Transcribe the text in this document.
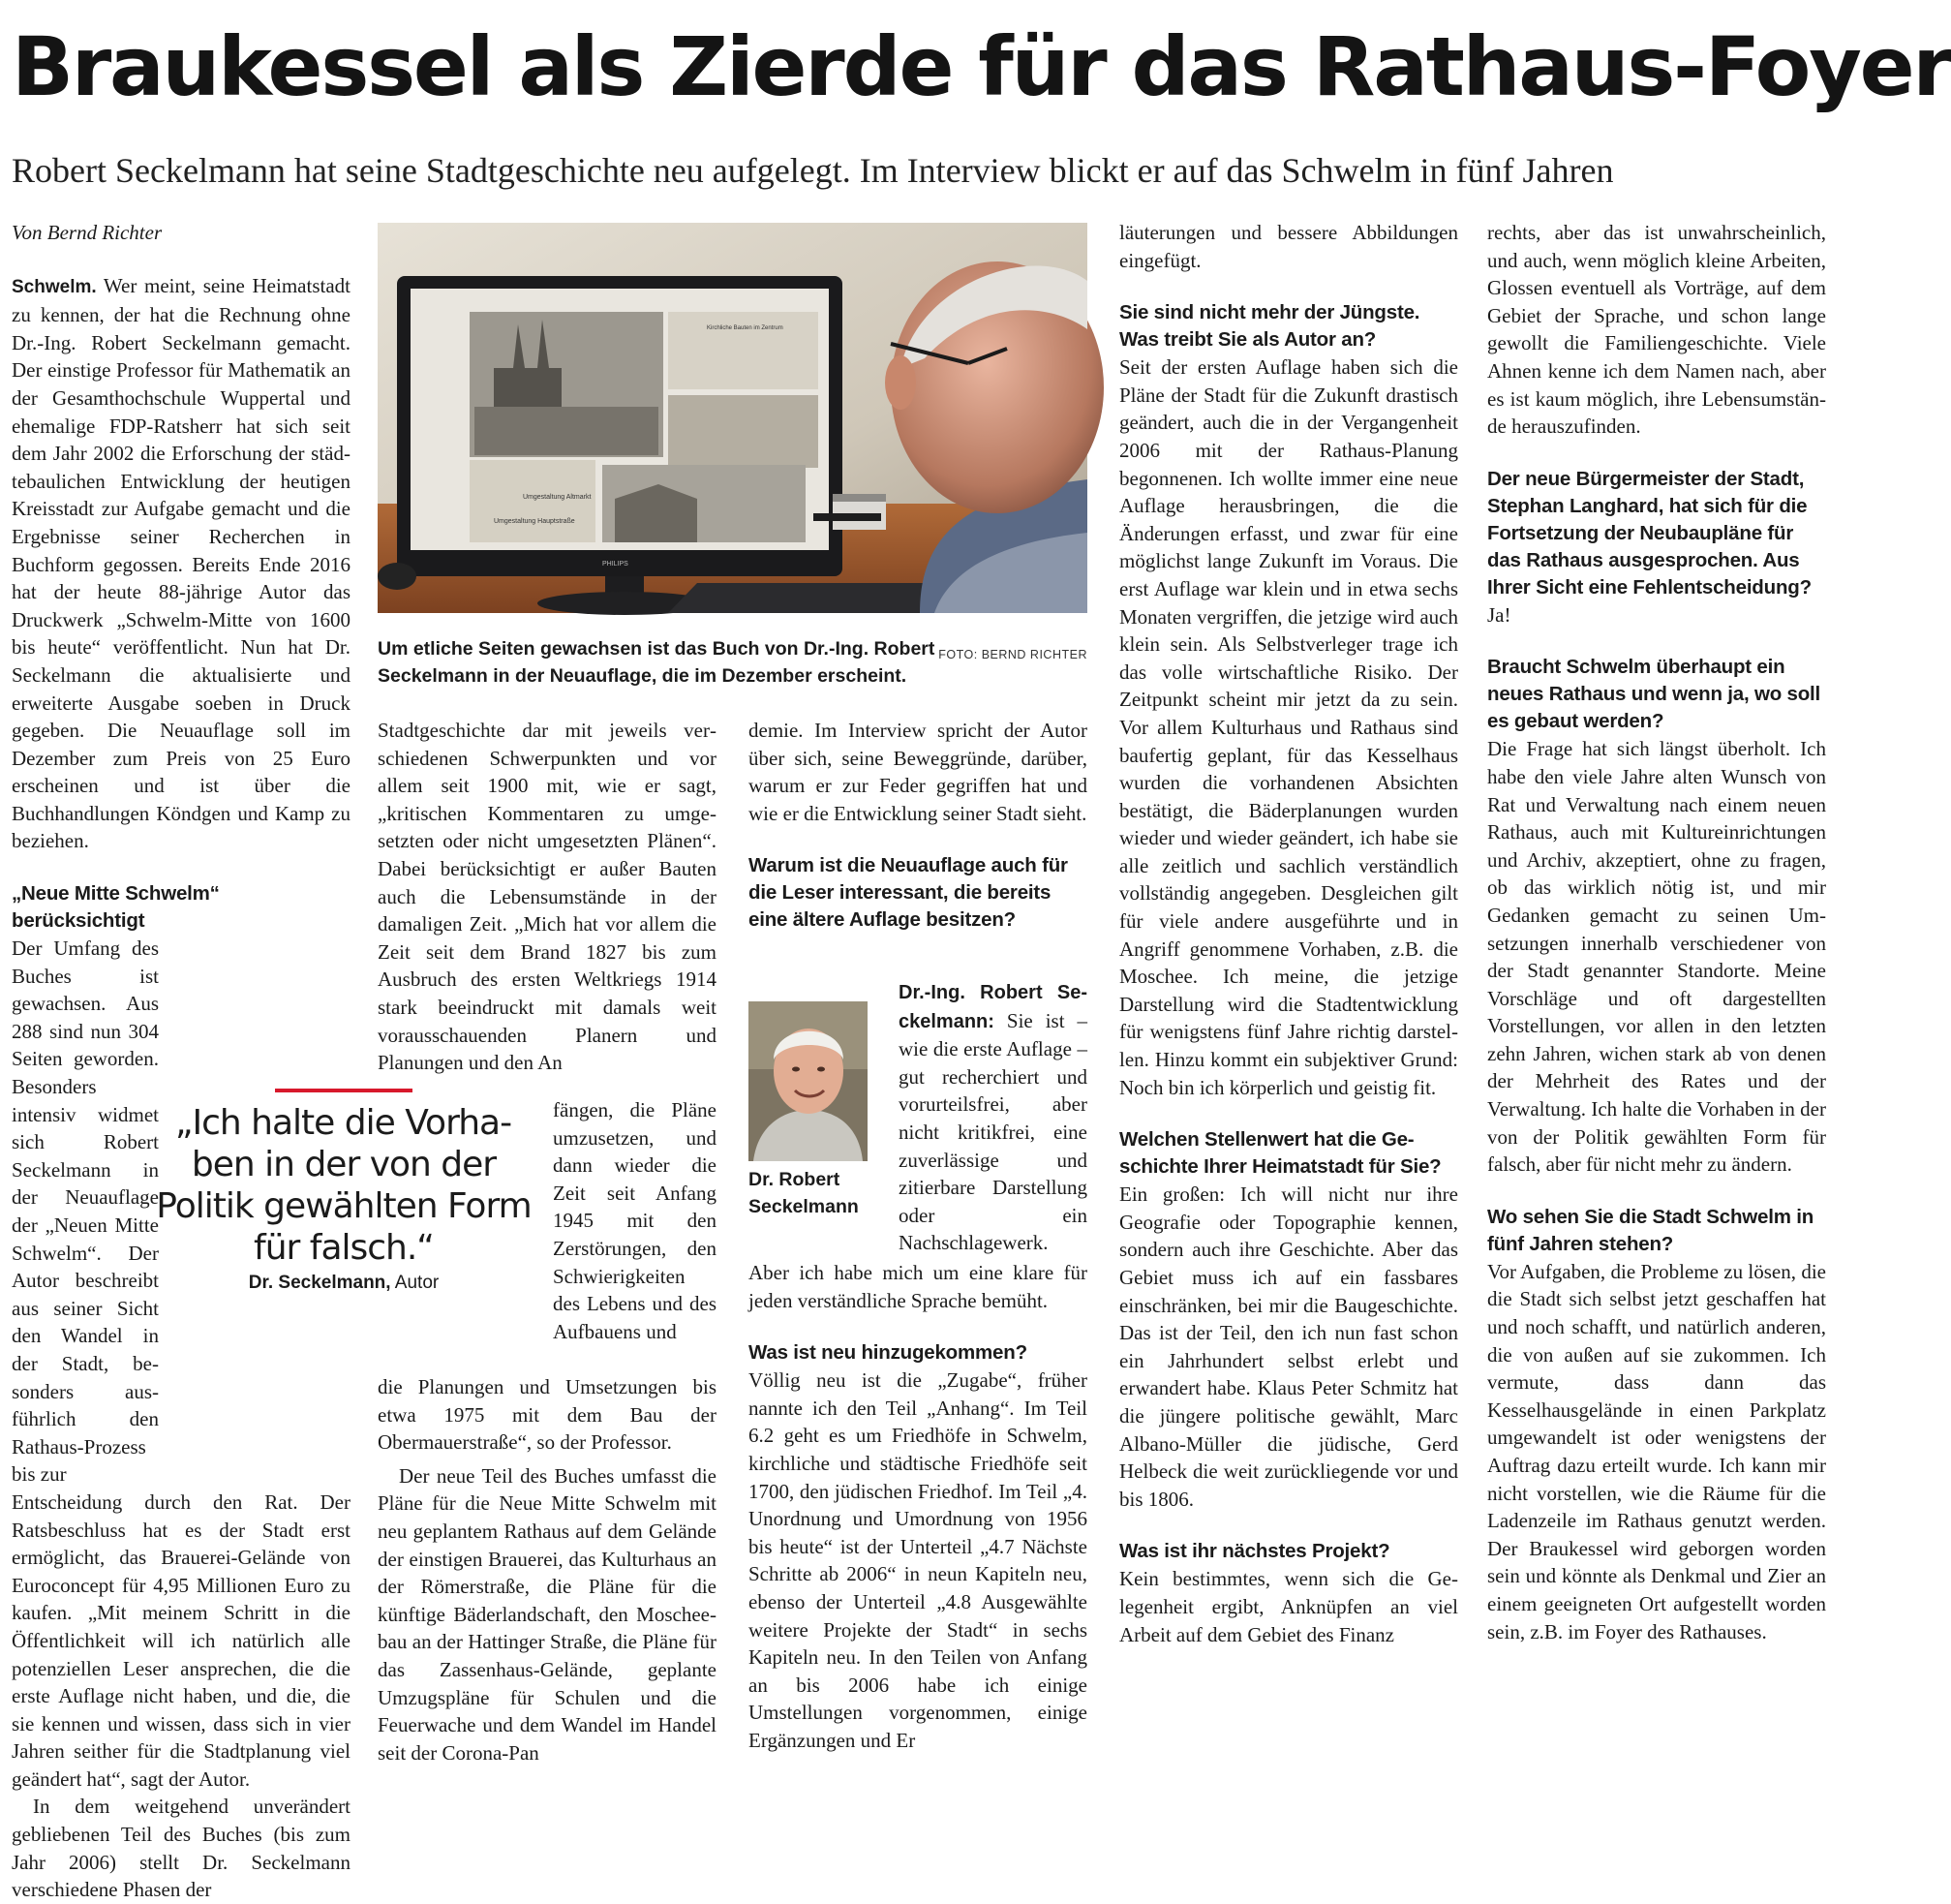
Braukessel als Zierde für das Rathaus-Foyer
Robert Seckelmann hat seine Stadtgeschichte neu aufgelegt. Im Interview blickt er auf das Schwelm in fünf Jahren

Von Bernd Richter

Schwelm. Wer meint, seine Heimatstadt zu kennen, der hat die Rechnung ohne Dr.-Ing. Robert Seckelmann gemacht. Der einstige Professor für Mathematik an der Gesamthochschule Wuppertal und ehemalige FDP-Ratsherr hat sich seit dem Jahr 2002 die Erforschung der städtebaulichen Entwicklung der heutigen Kreisstadt zur Aufgabe gemacht und die Ergebnisse seiner Recherchen in Buchform gegossen. Bereits Ende 2016 hat der heute 88-jährige Autor das Druckwerk „Schwelm-Mitte von 1600 bis heute“ veröffentlicht. Nun hat Dr. Seckelmann die aktualisierte und erweiterte Ausgabe soeben in Druck gegeben. Die Neuauflage soll im Dezember zum Preis von 25 Euro erscheinen und ist über die Buchhandlungen Köndgen und Kamp zu beziehen.

„Neue Mitte Schwelm“ berücksichtigt

Der Umfang des Buches ist gewachsen. Aus 288 sind nun 304 Seiten geworden. Besonders intensiv widmet sich Robert Seckelmann in der Neuauflage der „Neuen Mitte Schwelm“. Der Autor beschreibt aus seiner Sicht den Wandel in der Stadt, besonders ausführlich den Rathaus-Prozess bis zur

Entscheidung durch den Rat. Der Ratsbeschluss hat es der Stadt erst ermöglicht, das Brauerei-Gelände von Euroconcept für 4,95 Millionen Euro zu kaufen. „Mit meinem Schritt in die Öffentlichkeit will ich natürlich alle potenziellen Leser ansprechen, die die erste Auflage nicht haben, und die, die sie kennen und wissen, dass sich in vier Jahren seither für die Stadtplanung viel geändert hat“, sagt der Autor.

In dem weitgehend unverändert gebliebenen Teil des Buches (bis zum Jahr 2006) stellt Dr. Seckelmann verschiedene Phasen der

Umgestaltung Altmarkt
Umgestaltung Hauptstraße
Kirchliche Bauten im Zentrum
PHILIPS
FOTO: BERND RICHTER
Um etliche Seiten gewachsen ist das Buch von Dr.-Ing. Robert Seckelmann in der Neuauflage, die im Dezember erscheint.
„Ich halte die Vorhaben in der von der Politik gewählten Form für falsch.“
Dr. Seckelmann, Autor

Stadtgeschichte dar mit jeweils verschiedenen Schwerpunkten und vor allem seit 1900 mit, wie er sagt, „kritischen Kommentaren zu umgesetzten oder nicht umgesetzten Plänen“. Dabei berücksichtigt er außer Bauten auch die Lebensumstände in der damaligen Zeit. „Mich hat vor allem die Zeit seit dem Brand 1827 bis zum Ausbruch des ersten Weltkriegs 1914 stark beeindruckt mit damals weit vorausschauenden Planern und Planungen und den An

fängen, die Pläne umzusetzen, und dann wieder die Zeit seit Anfang 1945 mit den Zerstörungen, den Schwierigkeiten des Lebens und des Aufbauens und

die Planungen und Umsetzungen bis etwa 1975 mit dem Bau der Obermauerstraße“, so der Professor.

Der neue Teil des Buches umfasst die Pläne für die Neue Mitte Schwelm mit neu geplantem Rathaus auf dem Gelände der einstigen Brauerei, das Kulturhaus an der Römerstraße, die Pläne für die künftige Bäderlandschaft, den Moscheebau an der Hattinger Straße, die Pläne für das Zassenhaus-Gelände, geplante Umzugspläne für Schulen und die Feuerwache und dem Wandel im Handel seit der Corona-Pan

demie. Im Interview spricht der Autor über sich, seine Beweggründe, darüber, warum er zur Feder gegriffen hat und wie er die Entwicklung seiner Stadt sieht.

Warum ist die Neuauflage auch für die Leser interessant, die bereits eine ältere Auflage besitzen?

Dr. Robert Seckelmann

Dr.-Ing. Robert Seckelmann: Sie ist – wie die erste Auflage – gut recherchiert und vorurteilsfrei, aber nicht kritikfrei, eine zuverlässige und zitierbare Darstellung oder ein Nachschlagewerk.

Aber ich habe mich um eine klare für jeden verständliche Sprache bemüht.

Was ist neu hinzugekommen?

Völlig neu ist die „Zugabe“, früher nannte ich den Teil „Anhang“. Im Teil 6.2 geht es um Friedhöfe in Schwelm, kirchliche und städtische Friedhöfe seit 1700, den jüdischen Friedhof. Im Teil „4. Unordnung und Umordnung von 1956 bis heute“ ist der Unterteil „4.7 Nächste Schritte ab 2006“ in neun Kapiteln neu, ebenso der Unterteil „4.8 Ausgewählte weitere Projekte der Stadt“ in sechs Kapiteln neu. In den Teilen von Anfang an bis 2006 habe ich einige Umstellungen vorgenommen, einige Ergänzungen und Er

läuterungen und bessere Abbildungen eingefügt.

Sie sind nicht mehr der Jüngste. Was treibt Sie als Autor an?

Seit der ersten Auflage haben sich die Pläne der Stadt für die Zukunft drastisch geändert, auch die in der Vergangenheit 2006 mit der Rathaus-Planung begonnenen. Ich wollte immer eine neue Auflage herausbringen, die die Änderungen erfasst, und zwar für eine möglichst lange Zukunft im Voraus. Die erst Auflage war klein und in etwa sechs Monaten vergriffen, die jetzige wird auch klein sein. Als Selbstverleger trage ich das volle wirtschaftliche Risiko. Der Zeitpunkt scheint mir jetzt da zu sein. Vor allem Kulturhaus und Rathaus sind baufertig geplant, für das Kesselhaus wurden die vorhandenen Absichten bestätigt, die Bäderplanungen wurden wieder und wieder geändert, ich habe sie alle zeitlich und sachlich verständlich vollständig angegeben. Desgleichen gilt für viele andere ausgeführte und in Angriff genommene Vorhaben, z.B. die Moschee. Ich meine, die jetzige Darstellung wird die Stadtentwicklung für wenigstens fünf Jahre richtig darstellen. Hinzu kommt ein subjektiver Grund: Noch bin ich körperlich und geistig fit.

Welchen Stellenwert hat die Geschichte Ihrer Heimatstadt für Sie?

Ein großen: Ich will nicht nur ihre Geografie oder Topographie kennen, sondern auch ihre Geschichte. Aber das Gebiet muss ich auf ein fassbares einschränken, bei mir die Baugeschichte. Das ist der Teil, den ich nun fast schon ein Jahrhundert selbst erlebt und erwandert habe. Klaus Peter Schmitz hat die jüngere politische gewählt, Marc Albano-Müller die jüdische, Gerd Helbeck die weit zurückliegende vor und bis 1806.

Was ist ihr nächstes Projekt?

Kein bestimmtes, wenn sich die Gelegenheit ergibt, Anknüpfen an viel Arbeit auf dem Gebiet des Finanz

rechts, aber das ist unwahrscheinlich, und auch, wenn möglich kleine Arbeiten, Glossen eventuell als Vorträge, auf dem Gebiet der Sprache, und schon lange gewollt die Familiengeschichte. Viele Ahnen kenne ich dem Namen nach, aber es ist kaum möglich, ihre Lebensumstände herauszufinden.

Der neue Bürgermeister der Stadt, Stephan Langhard, hat sich für die Fortsetzung der Neubaupläne für das Rathaus ausgesprochen. Aus Ihrer Sicht eine Fehlentscheidung?

Ja!

Braucht Schwelm überhaupt ein neues Rathaus und wenn ja, wo soll es gebaut werden?

Die Frage hat sich längst überholt. Ich habe den viele Jahre alten Wunsch von Rat und Verwaltung nach einem neuen Rathaus, auch mit Kultureinrichtungen und Archiv, akzeptiert, ohne zu fragen, ob das wirklich nötig ist, und mir Gedanken gemacht zu seinen Umsetzungen innerhalb verschiedener von der Stadt genannter Standorte. Meine Vorschläge und oft dargestellten Vorstellungen, vor allen in den letzten zehn Jahren, wichen stark ab von denen der Mehrheit des Rates und der Verwaltung. Ich halte die Vorhaben in der von der Politik gewählten Form für falsch, aber für nicht mehr zu ändern.

Wo sehen Sie die Stadt Schwelm in fünf Jahren stehen?

Vor Aufgaben, die Probleme zu lösen, die die Stadt sich selbst jetzt geschaffen hat und noch schafft, und natürlich anderen, die von außen auf sie zukommen. Ich vermute, dass dann das Kesselhausgelände in einen Parkplatz umgewandelt ist oder wenigstens der Auftrag dazu erteilt wurde. Ich kann mir nicht vorstellen, wie die Räume für die Ladenzeile im Rathaus genutzt werden. Der Braukessel wird geborgen worden sein und könnte als Denkmal und Zier an einem geeigneten Ort aufgestellt worden sein, z.B. im Foyer des Rathauses.
